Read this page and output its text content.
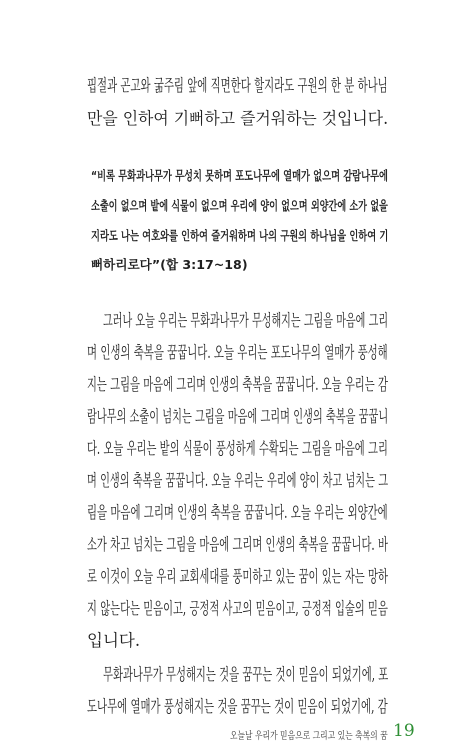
핍절과 곤고와 굶주림 앞에 직면한다 할지라도 구원의 한 분 하나님
만을 인하여 기뻐하고 즐거워하는 것입니다.
“비록 무화과나무가 무성치 못하며 포도나무에 열매가 없으며 감람나무에
소출이 없으며 밭에 식물이 없으며 우리에 양이 없으며 외양간에 소가 없을
지라도 나는 여호와를 인하여 즐거워하며 나의 구원의 하나님을 인하여 기
뻐하리로다”(합 3:17~18)
그러나 오늘 우리는 무화과나무가 무성해지는 그림을 마음에 그리
며 인생의 축복을 꿈꿉니다. 오늘 우리는 포도나무의 열매가 풍성해
지는 그림을 마음에 그리며 인생의 축복을 꿈꿉니다. 오늘 우리는 감
람나무의 소출이 넘치는 그림을 마음에 그리며 인생의 축복을 꿈꿉니
다. 오늘 우리는 밭의 식물이 풍성하게 수확되는 그림을 마음에 그리
며 인생의 축복을 꿈꿉니다. 오늘 우리는 우리에 양이 차고 넘치는 그
림을 마음에 그리며 인생의 축복을 꿈꿉니다. 오늘 우리는 외양간에
소가 차고 넘치는 그림을 마음에 그리며 인생의 축복을 꿈꿉니다. 바
로 이것이 오늘 우리 교회세대를 풍미하고 있는 꿈이 있는 자는 망하
지 않는다는 믿음이고, 긍정적 사고의 믿음이고, 긍정적 입술의 믿음
입니다.
무화과나무가 무성해지는 것을 꿈꾸는 것이 믿음이 되었기에, 포
도나무에 열매가 풍성해지는 것을 꿈꾸는 것이 믿음이 되었기에, 감
오늘날 우리가 믿음으로 그리고 있는 축복의 꿈 19
